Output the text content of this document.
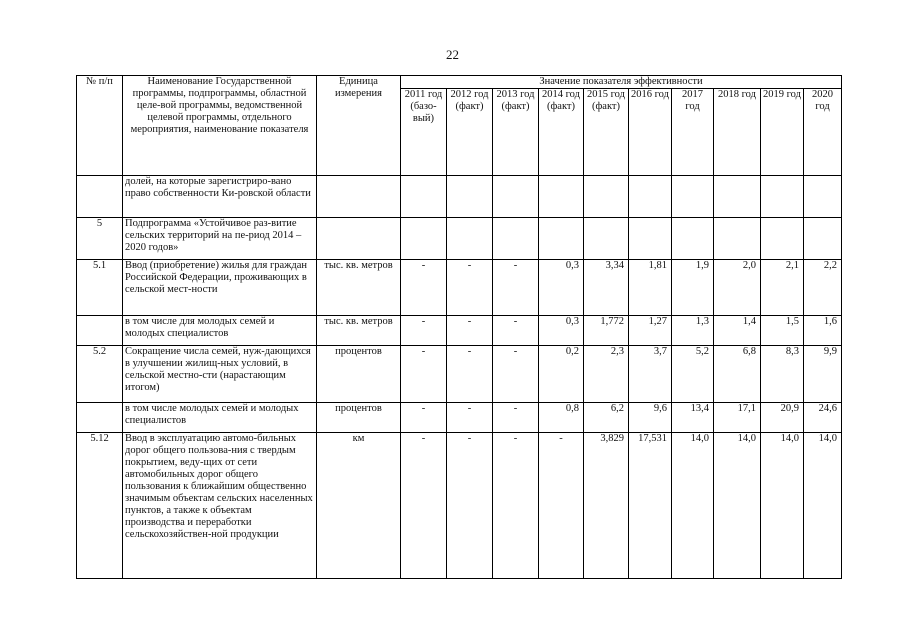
22
№ п/п	Наименование Государственной программы, подпрограммы, областной целе-вой программы, ведомственной целевой программы, отдельного мероприятия, наименование показателя	Единица измерения	Значение показателя эффективности									
			2011 год (базо-вый)	2012 год (факт)	2013 год (факт)	2014 год (факт)	2015 год (факт)	2016 год	2017 год	2018 год	2019 год	2020 год
	долей, на которые зарегистриро-вано право собственности Ки-ровской области											
5	Подпрограмма «Устойчивое раз-витие сельских территорий на пе-риод 2014 – 2020 годов»											
5.1	Ввод (приобретение) жилья для граждан Российской Федерации, проживающих в сельской мест-ности	тыс. кв. метров	-	-	-	0,3	3,34	1,81	1,9	2,0	2,1	2,2
	в том числе для молодых семей и молодых специалистов	тыс. кв. метров	-	-	-	0,3	1,772	1,27	1,3	1,4	1,5	1,6
5.2	Сокращение числа семей, нуж-дающихся в улучшении жилищ-ных условий, в сельской местно-сти (нарастающим итогом)	процентов	-	-	-	0,2	2,3	3,7	5,2	6,8	8,3	9,9
	в том числе молодых семей и молодых специалистов	процентов	-	-	-	0,8	6,2	9,6	13,4	17,1	20,9	24,6
5.12	Ввод в эксплуатацию автомо-бильных дорог общего пользова-ния с твердым покрытием, веду-щих от сети автомобильных дорог общего пользования к ближайшим общественно значимым объектам сельских населенных пунктов, а также к объектам производства и переработки сельскохозяйствен-ной продукции	км	-	-	-	-	3,829	17,531	14,0	14,0	14,0	14,0
